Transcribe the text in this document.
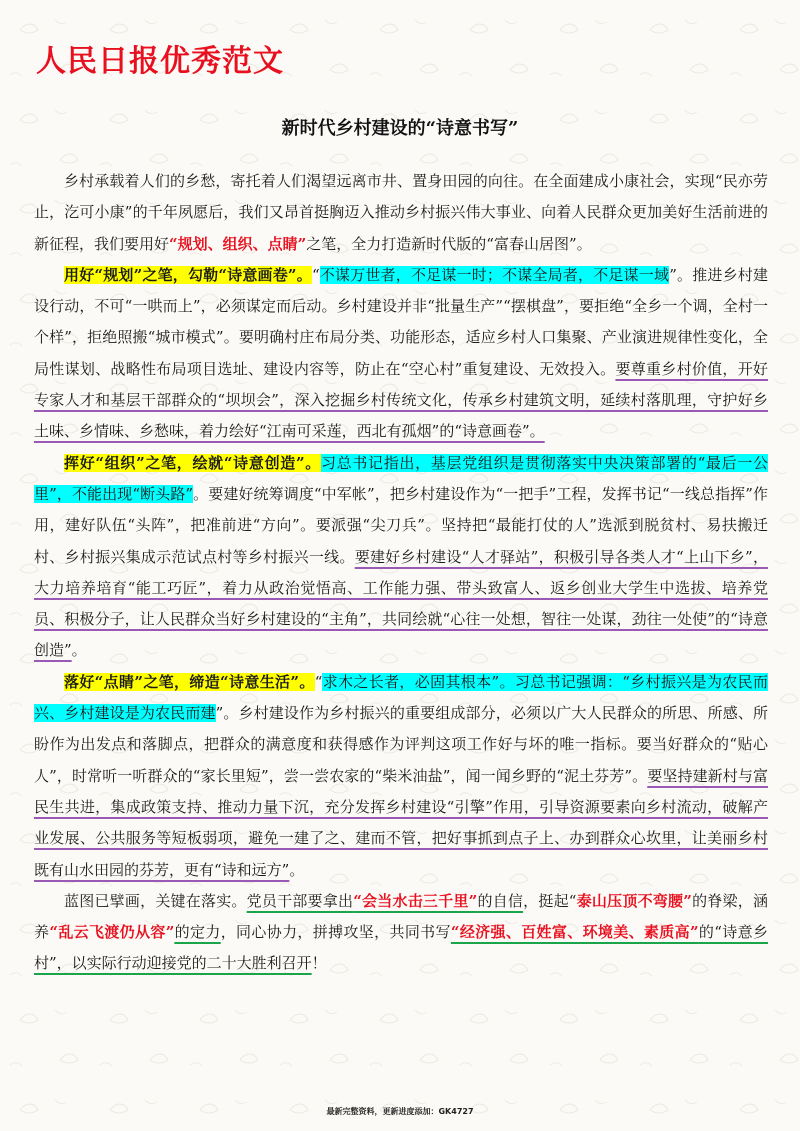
人民日报优秀范文
新时代乡村建设的“诗意书写”

乡村承载着人们的乡愁，寄托着人们渴望远离市井、置身田园的向往。在全面建成小康社会，实现“民亦劳止，汔可小康”的千年夙愿后，我们又昂首挺胸迈入推动乡村振兴伟大事业、向着人民群众更加美好生活前进的新征程，我们要用好“规划、组织、点睛”之笔，全力打造新时代版的“富春山居图”。

用好“规划”之笔，勾勒“诗意画卷”。“不谋万世者，不足谋一时；不谋全局者，不足谋一域”。推进乡村建设行动，不可“一哄而上”，必须谋定而后动。乡村建设并非“批量生产”“摆棋盘”，要拒绝“全乡一个调，全村一个样”，拒绝照搬“城市模式”。要明确村庄布局分类、功能形态，适应乡村人口集聚、产业演进规律性变化，全局性谋划、战略性布局项目选址、建设内容等，防止在“空心村”重复建设、无效投入。要尊重乡村价值，开好专家人才和基层干部群众的“坝坝会”，深入挖掘乡村传统文化，传承乡村建筑文明，延续村落肌理，守护好乡土味、乡情味、乡愁味，着力绘好“江南可采莲，西北有孤烟”的“诗意画卷”。

挥好“组织”之笔，绘就“诗意创造”。习总书记指出，基层党组织是贯彻落实中央决策部署的“最后一公里”，不能出现“断头路”。要建好统筹调度“中军帐”，把乡村建设作为“一把手”工程，发挥书记“一线总指挥”作用，建好队伍“头阵”，把准前进“方向”。要派强“尖刀兵”。坚持把“最能打仗的人”选派到脱贫村、易扶搬迁村、乡村振兴集成示范试点村等乡村振兴一线。要建好乡村建设“人才驿站”，积极引导各类人才“上山下乡”，大力培养培育“能工巧匠”，着力从政治觉悟高、工作能力强、带头致富人、返乡创业大学生中选拔、培养党员、积极分子，让人民群众当好乡村建设的“主角”，共同绘就“心往一处想，智往一处谋，劲往一处使”的“诗意创造”。

落好“点睛”之笔，缔造“诗意生活”。“求木之长者，必固其根本”。习总书记强调：“乡村振兴是为农民而兴、乡村建设是为农民而建”。乡村建设作为乡村振兴的重要组成部分，必须以广大人民群众的所思、所感、所盼作为出发点和落脚点，把群众的满意度和获得感作为评判这项工作好与坏的唯一指标。要当好群众的“贴心人”，时常听一听群众的“家长里短”，尝一尝农家的“柴米油盐”，闻一闻乡野的“泥土芬芳”。要坚持建新村与富民生共进，集成政策支持、推动力量下沉，充分发挥乡村建设“引擎”作用，引导资源要素向乡村流动，破解产业发展、公共服务等短板弱项，避免一建了之、建而不管，把好事抓到点子上、办到群众心坎里，让美丽乡村既有山水田园的芬芳，更有“诗和远方”。

蓝图已擘画，关键在落实。党员干部要拿出“会当水击三千里”的自信，挺起“泰山压顶不弯腰”的脊梁，涵养“乱云飞渡仍从容”的定力，同心协力，拼搏攻坚，共同书写“经济强、百姓富、环境美、素质高”的“诗意乡村”，以实际行动迎接党的二十大胜利召开！

最新完整资料，更新进度添加：GK4727
